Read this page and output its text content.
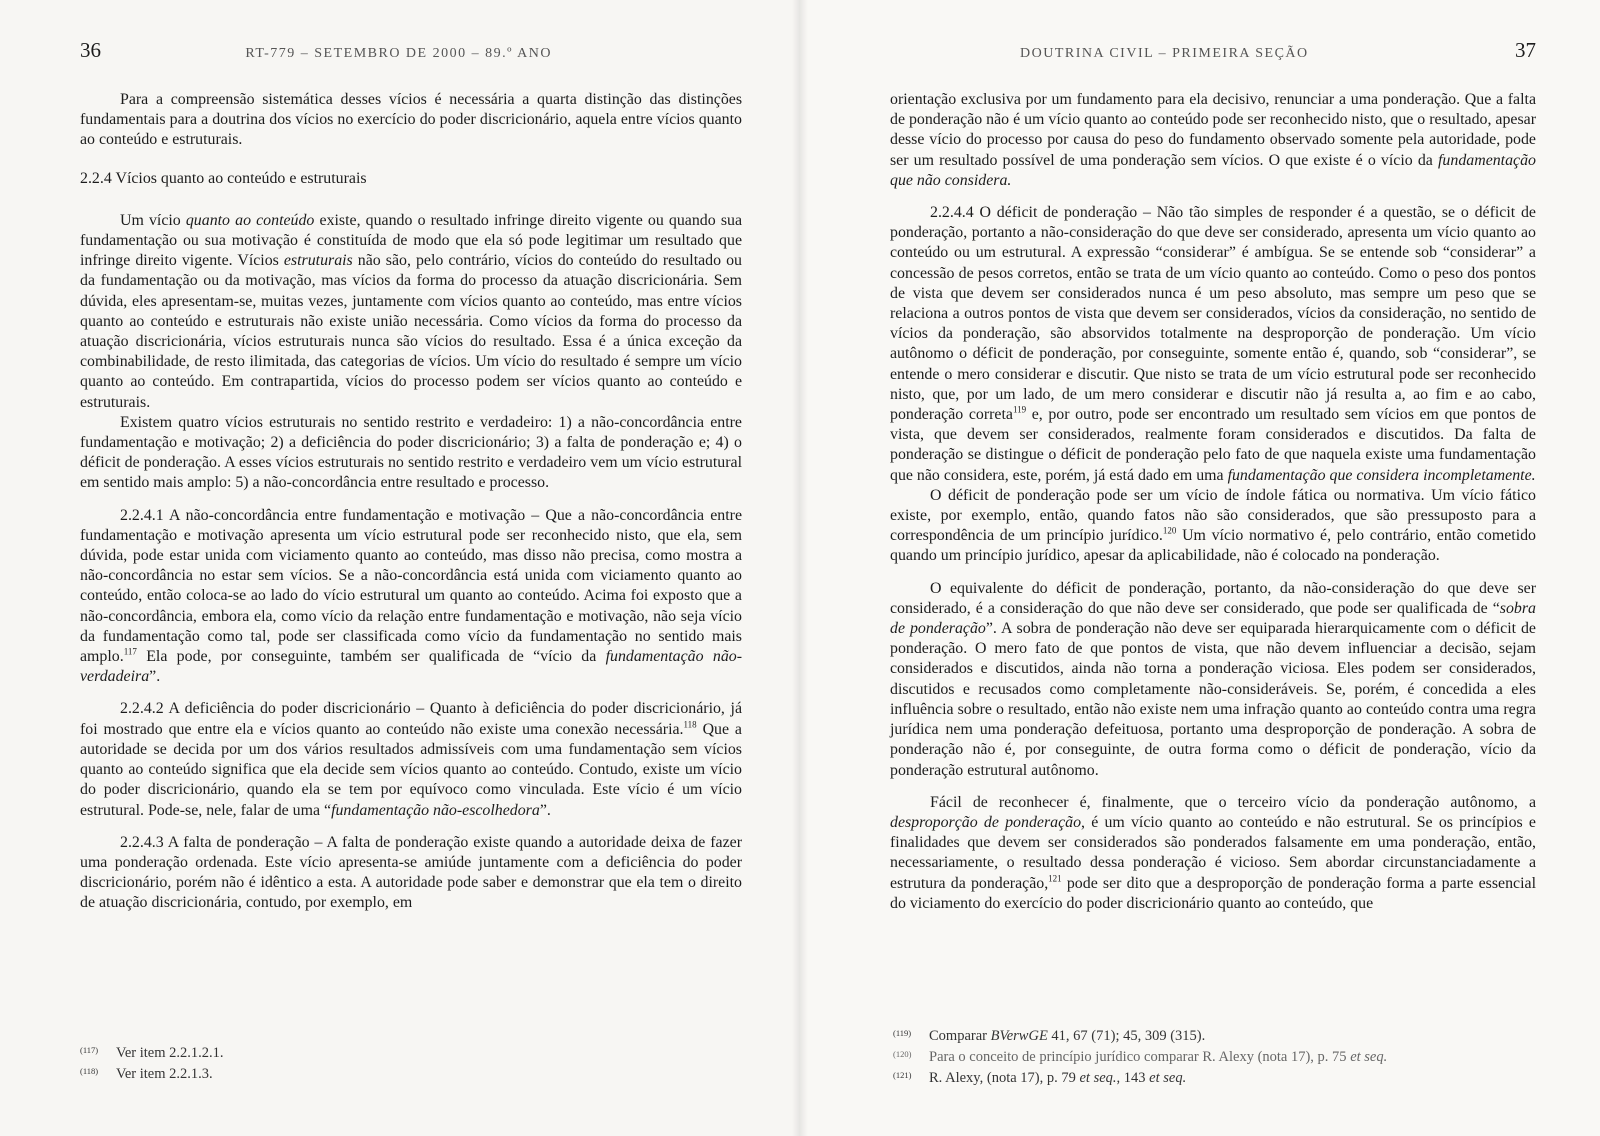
36	RT-779 – SETEMBRO DE 2000 – 89.º ANO

Para a compreensão sistemática desses vícios é necessária a quarta distinção das distinções fundamentais para a doutrina dos vícios no exercício do poder discricionário, aquela entre vícios quanto ao conteúdo e estruturais.

2.2.4 Vícios quanto ao conteúdo e estruturais

Um vício quanto ao conteúdo existe, quando o resultado infringe direito vigente ou quando sua fundamentação ou sua motivação é constituída de modo que ela só pode legitimar um resultado que infringe direito vigente. Vícios estruturais não são, pelo contrário, vícios do conteúdo do resultado ou da fundamentação ou da motivação, mas vícios da forma do processo da atuação discricionária. Sem dúvida, eles apresentam-se, muitas vezes, juntamente com vícios quanto ao conteúdo, mas entre vícios quanto ao conteúdo e estruturais não existe união necessária. Como vícios da forma do processo da atuação discricionária, vícios estruturais nunca são vícios do resultado. Essa é a única exceção da combinabilidade, de resto ilimitada, das categorias de vícios. Um vício do resultado é sempre um vício quanto ao conteúdo. Em contrapartida, vícios do processo podem ser vícios quanto ao conteúdo e estruturais.

Existem quatro vícios estruturais no sentido restrito e verdadeiro: 1) a não-concordância entre fundamentação e motivação; 2) a deficiência do poder discricionário; 3) a falta de ponderação e; 4) o déficit de ponderação. A esses vícios estruturais no sentido restrito e verdadeiro vem um vício estrutural em sentido mais amplo: 5) a não-concordância entre resultado e processo.

2.2.4.1 A não-concordância entre fundamentação e motivação – Que a não-concordância entre fundamentação e motivação apresenta um vício estrutural pode ser reconhecido nisto, que ela, sem dúvida, pode estar unida com viciamento quanto ao conteúdo, mas disso não precisa, como mostra a não-concordância no estar sem vícios. Se a não-concordância está unida com viciamento quanto ao conteúdo, então coloca-se ao lado do vício estrutural um quanto ao conteúdo. Acima foi exposto que a não-concordância, embora ela, como vício da relação entre fundamentação e motivação, não seja vício da fundamentação como tal, pode ser classificada como vício da fundamentação no sentido mais amplo.$^{117}$ Ela pode, por conseguinte, também ser qualificada de “vício da fundamentação não-verdadeira”.

2.2.4.2 A deficiência do poder discricionário – Quanto à deficiência do poder discricionário, já foi mostrado que entre ela e vícios quanto ao conteúdo não existe uma conexão necessária.$^{118}$ Que a autoridade se decida por um dos vários resultados admissíveis com uma fundamentação sem vícios quanto ao conteúdo significa que ela decide sem vícios quanto ao conteúdo. Contudo, existe um vício do poder discricionário, quando ela se tem por equívoco como vinculada. Este vício é um vício estrutural. Pode-se, nele, falar de uma “fundamentação não-escolhedora”.

2.2.4.3 A falta de ponderação – A falta de ponderação existe quando a autoridade deixa de fazer uma ponderação ordenada. Este vício apresenta-se amiúde juntamente com a deficiência do poder discricionário, porém não é idêntico a esta. A autoridade pode saber e demonstrar que ela tem o direito de atuação discricionária, contudo, por exemplo, em

(117) Ver item 2.2.1.2.1.
(118) Ver item 2.2.1.3.
DOUTRINA CIVIL – PRIMEIRA SEÇÃO	37

orientação exclusiva por um fundamento para ela decisivo, renunciar a uma ponderação. Que a falta de ponderação não é um vício quanto ao conteúdo pode ser reconhecido nisto, que o resultado, apesar desse vício do processo por causa do peso do fundamento observado somente pela autoridade, pode ser um resultado possível de uma ponderação sem vícios. O que existe é o vício da fundamentação que não considera.

2.2.4.4 O déficit de ponderação – Não tão simples de responder é a questão, se o déficit de ponderação, portanto a não-consideração do que deve ser considerado, apresenta um vício quanto ao conteúdo ou um estrutural. A expressão “considerar” é ambígua. Se se entende sob “considerar” a concessão de pesos corretos, então se trata de um vício quanto ao conteúdo. Como o peso dos pontos de vista que devem ser considerados nunca é um peso absoluto, mas sempre um peso que se relaciona a outros pontos de vista que devem ser considerados, vícios da consideração, no sentido de vícios da ponderação, são absorvidos totalmente na desproporção de ponderação. Um vício autônomo o déficit de ponderação, por conseguinte, somente então é, quando, sob “considerar”, se entende o mero considerar e discutir. Que nisto se trata de um vício estrutural pode ser reconhecido nisto, que, por um lado, de um mero considerar e discutir não já resulta a, ao fim e ao cabo, ponderação correta$^{119}$ e, por outro, pode ser encontrado um resultado sem vícios em que pontos de vista, que devem ser considerados, realmente foram considerados e discutidos. Da falta de ponderação se distingue o déficit de ponderação pelo fato de que naquela existe uma fundamentação que não considera, este, porém, já está dado em uma fundamentação que considera incompletamente.

O déficit de ponderação pode ser um vício de índole fática ou normativa. Um vício fático existe, por exemplo, então, quando fatos não são considerados, que são pressuposto para a correspondência de um princípio jurídico.$^{120}$ Um vício normativo é, pelo contrário, então cometido quando um princípio jurídico, apesar da aplicabilidade, não é colocado na ponderação.

O equivalente do déficit de ponderação, portanto, da não-consideração do que deve ser considerado, é a consideração do que não deve ser considerado, que pode ser qualificada de “sobra de ponderação”. A sobra de ponderação não deve ser equiparada hierarquicamente com o déficit de ponderação. O mero fato de que pontos de vista, que não devem influenciar a decisão, sejam considerados e discutidos, ainda não torna a ponderação viciosa. Eles podem ser considerados, discutidos e recusados como completamente não-consideráveis. Se, porém, é concedida a eles influência sobre o resultado, então não existe nem uma infração quanto ao conteúdo contra uma regra jurídica nem uma ponderação defeituosa, portanto uma desproporção de ponderação. A sobra de ponderação não é, por conseguinte, de outra forma como o déficit de ponderação, vício da ponderação estrutural autônomo.

Fácil de reconhecer é, finalmente, que o terceiro vício da ponderação autônomo, a desproporção de ponderação, é um vício quanto ao conteúdo e não estrutural. Se os princípios e finalidades que devem ser considerados são ponderados falsamente em uma ponderação, então, necessariamente, o resultado dessa ponderação é vicioso. Sem abordar circunstanciadamente a estrutura da ponderação,$^{121}$ pode ser dito que a desproporção de ponderação forma a parte essencial do viciamento do exercício do poder discricionário quanto ao conteúdo, que

(119) Comparar BVerwGE 41, 67 (71); 45, 309 (315).
(120) Para o conceito de princípio jurídico comparar R. Alexy (nota 17), p. 75 et seq.
(121) R. Alexy, (nota 17), p. 79 et seq., 143 et seq.
